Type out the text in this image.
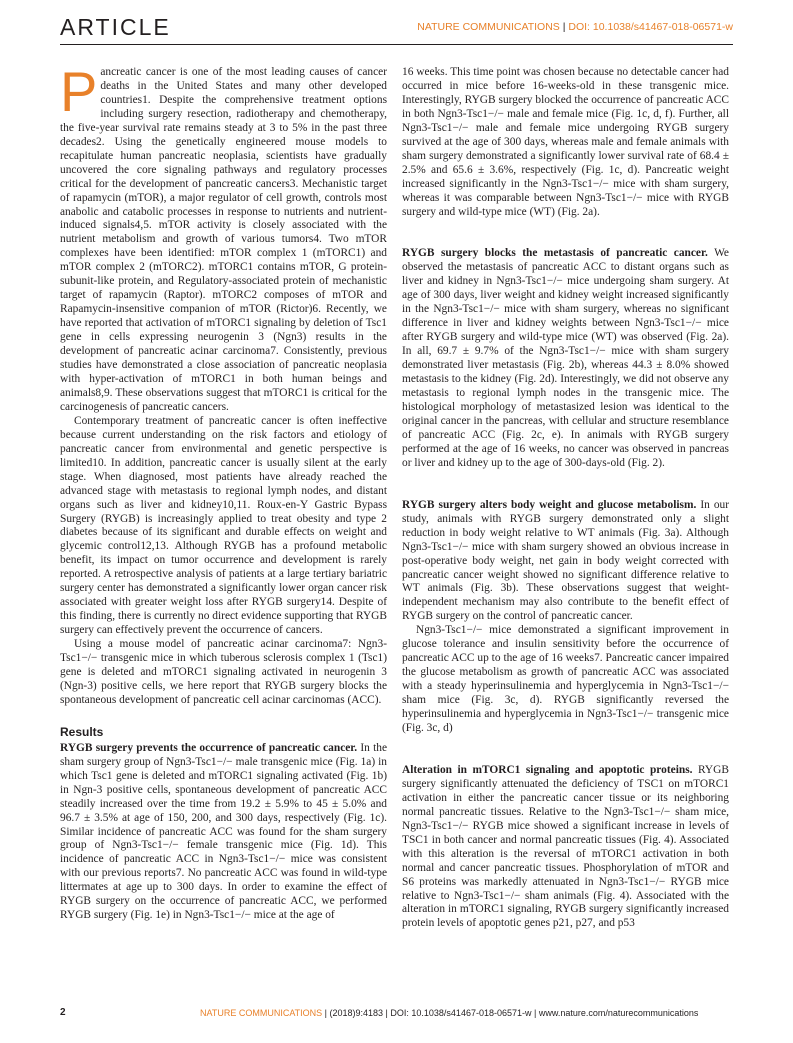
ARTICLE	NATURE COMMUNICATIONS | DOI: 10.1038/s41467-018-06571-w

Pancreatic cancer is one of the most leading causes of cancer deaths in the United States and many other developed countries1. Despite the comprehensive treatment options including surgery resection, radiotherapy and chemotherapy, the five-year survival rate remains steady at 3 to 5% in the past three decades2. Using the genetically engineered mouse models to recapitulate human pancreatic neoplasia, scientists have gradually uncovered the core signaling pathways and regulatory processes critical for the development of pancreatic cancers3. Mechanistic target of rapamycin (mTOR), a major regulator of cell growth, controls most anabolic and catabolic processes in response to nutrients and nutrient-induced signals4,5. mTOR activity is closely associated with the nutrient metabolism and growth of various tumors4. Two mTOR complexes have been identified: mTOR complex 1 (mTORC1) and mTOR complex 2 (mTORC2). mTORC1 contains mTOR, G protein-subunit-like protein, and Regulatory-associated protein of mechanistic target of rapamycin (Raptor). mTORC2 composes of mTOR and Rapamycin-insensitive companion of mTOR (Rictor)6. Recently, we have reported that activation of mTORC1 signaling by deletion of Tsc1 gene in cells expressing neurogenin 3 (Ngn3) results in the development of pancreatic acinar carcinoma7. Consistently, previous studies have demonstrated a close association of pancreatic neoplasia with hyper-activation of mTORC1 in both human beings and animals8,9. These observations suggest that mTORC1 is critical for the carcinogenesis of pancreatic cancers.

Contemporary treatment of pancreatic cancer is often ineffective because current understanding on the risk factors and etiology of pancreatic cancer from environmental and genetic perspective is limited10. In addition, pancreatic cancer is usually silent at the early stage. When diagnosed, most patients have already reached the advanced stage with metastasis to regional lymph nodes, and distant organs such as liver and kidney10,11. Roux-en-Y Gastric Bypass Surgery (RYGB) is increasingly applied to treat obesity and type 2 diabetes because of its significant and durable effects on weight and glycemic control12,13. Although RYGB has a profound metabolic benefit, its impact on tumor occurrence and development is rarely reported. A retrospective analysis of patients at a large tertiary bariatric surgery center has demonstrated a significantly lower organ cancer risk associated with greater weight loss after RYGB surgery14. Despite of this finding, there is currently no direct evidence supporting that RYGB surgery can effectively prevent the occurrence of cancers.

Using a mouse model of pancreatic acinar carcinoma7: Ngn3-Tsc1−/− transgenic mice in which tuberous sclerosis complex 1 (Tsc1) gene is deleted and mTORC1 signaling activated in neurogenin 3 (Ngn-3) positive cells, we here report that RYGB surgery blocks the spontaneous development of pancreatic cell acinar carcinomas (ACC).

Results

RYGB surgery prevents the occurrence of pancreatic cancer. In the sham surgery group of Ngn3-Tsc1−/− male transgenic mice (Fig. 1a) in which Tsc1 gene is deleted and mTORC1 signaling activated (Fig. 1b) in Ngn-3 positive cells, spontaneous development of pancreatic ACC steadily increased over the time from 19.2 ± 5.9% to 45 ± 5.0% and 96.7 ± 3.5% at age of 150, 200, and 300 days, respectively (Fig. 1c). Similar incidence of pancreatic ACC was found for the sham surgery group of Ngn3-Tsc1−/− female transgenic mice (Fig. 1d). This incidence of pancreatic ACC in Ngn3-Tsc1−/− mice was consistent with our previous reports7. No pancreatic ACC was found in wild-type littermates at age up to 300 days. In order to examine the effect of RYGB surgery on the occurrence of pancreatic ACC, we performed RYGB surgery (Fig. 1e) in Ngn3-Tsc1−/− mice at the age of

16 weeks. This time point was chosen because no detectable cancer had occurred in mice before 16-weeks-old in these transgenic mice. Interestingly, RYGB surgery blocked the occurrence of pancreatic ACC in both Ngn3-Tsc1−/− male and female mice (Fig. 1c, d, f). Further, all Ngn3-Tsc1−/− male and female mice undergoing RYGB surgery survived at the age of 300 days, whereas male and female animals with sham surgery demonstrated a significantly lower survival rate of 68.4 ± 2.5% and 65.6 ± 3.6%, respectively (Fig. 1c, d). Pancreatic weight increased significantly in the Ngn3-Tsc1−/− mice with sham surgery, whereas it was comparable between Ngn3-Tsc1−/− mice with RYGB surgery and wild-type mice (WT) (Fig. 2a).

RYGB surgery blocks the metastasis of pancreatic cancer. We observed the metastasis of pancreatic ACC to distant organs such as liver and kidney in Ngn3-Tsc1−/− mice undergoing sham surgery. At age of 300 days, liver weight and kidney weight increased significantly in the Ngn3-Tsc1−/− mice with sham surgery, whereas no significant difference in liver and kidney weights between Ngn3-Tsc1−/− mice after RYGB surgery and wild-type mice (WT) was observed (Fig. 2a). In all, 69.7 ± 9.7% of the Ngn3-Tsc1−/− mice with sham surgery demonstrated liver metastasis (Fig. 2b), whereas 44.3 ± 8.0% showed metastasis to the kidney (Fig. 2d). Interestingly, we did not observe any metastasis to regional lymph nodes in the transgenic mice. The histological morphology of metastasized lesion was identical to the original cancer in the pancreas, with cellular and structure resemblance of pancreatic ACC (Fig. 2c, e). In animals with RYGB surgery performed at the age of 16 weeks, no cancer was observed in pancreas or liver and kidney up to the age of 300-days-old (Fig. 2).

RYGB surgery alters body weight and glucose metabolism. In our study, animals with RYGB surgery demonstrated only a slight reduction in body weight relative to WT animals (Fig. 3a). Although Ngn3-Tsc1−/− mice with sham surgery showed an obvious increase in post-operative body weight, net gain in body weight corrected with pancreatic cancer weight showed no significant difference relative to WT animals (Fig. 3b). These observations suggest that weight-independent mechanism may also contribute to the benefit effect of RYGB surgery on the control of pancreatic cancer.

Ngn3-Tsc1−/− mice demonstrated a significant improvement in glucose tolerance and insulin sensitivity before the occurrence of pancreatic ACC up to the age of 16 weeks7. Pancreatic cancer impaired the glucose metabolism as growth of pancreatic ACC was associated with a steady hyperinsulinemia and hyperglycemia in Ngn3-Tsc1−/− sham mice (Fig. 3c, d). RYGB significantly reversed the hyperinsulinemia and hyperglycemia in Ngn3-Tsc1−/− transgenic mice (Fig. 3c, d)

Alteration in mTORC1 signaling and apoptotic proteins. RYGB surgery significantly attenuated the deficiency of TSC1 on mTORC1 activation in either the pancreatic cancer tissue or its neighboring normal pancreatic tissues. Relative to the Ngn3-Tsc1−/− sham mice, Ngn3-Tsc1−/− RYGB mice showed a significant increase in levels of TSC1 in both cancer and normal pancreatic tissues (Fig. 4). Associated with this alteration is the reversal of mTORC1 activation in both normal and cancer pancreatic tissues. Phosphorylation of mTOR and S6 proteins was markedly attenuated in Ngn3-Tsc1−/− RYGB mice relative to Ngn3-Tsc1−/− sham animals (Fig. 4). Associated with the alteration in mTORC1 signaling, RYGB surgery significantly increased protein levels of apoptotic genes p21, p27, and p53

2	NATURE COMMUNICATIONS | (2018)9:4183 | DOI: 10.1038/s41467-018-06571-w | www.nature.com/naturecommunications
